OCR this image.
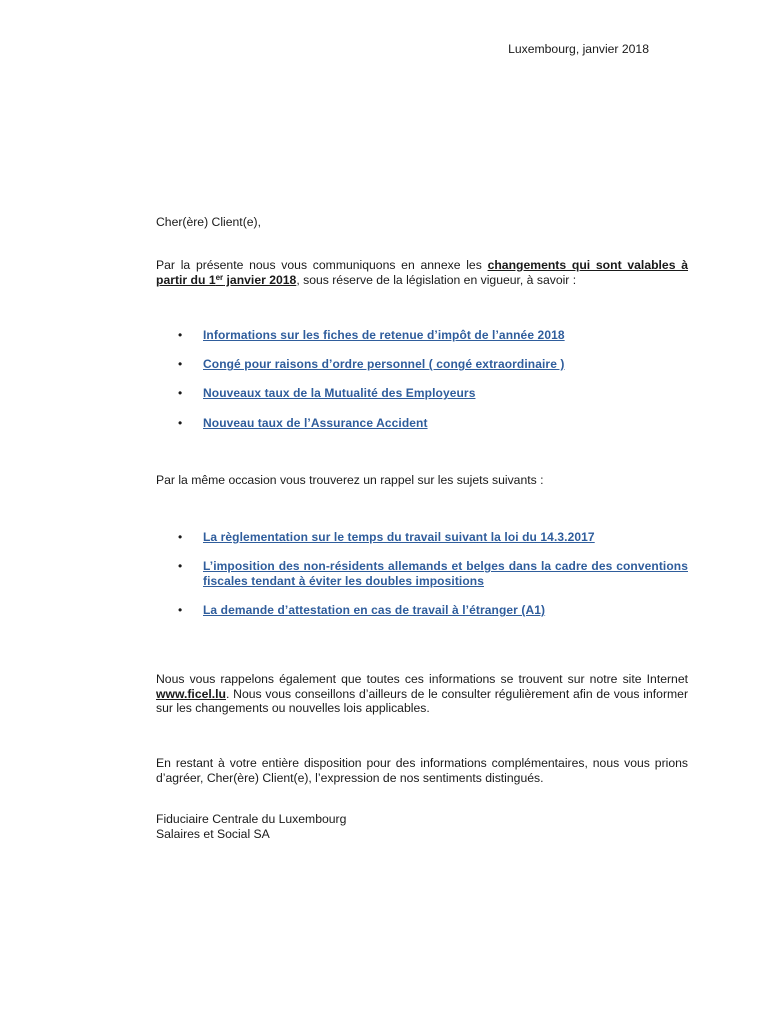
Luxembourg, janvier 2018
Cher(ère) Client(e),
Par la présente nous vous communiquons en annexe les changements qui sont valables à partir du 1er janvier 2018, sous réserve de la législation en vigueur, à savoir :
• Informations sur les fiches de retenue d’impôt de l’année 2018
• Congé pour raisons d’ordre personnel ( congé extraordinaire )
• Nouveaux taux de la Mutualité des Employeurs
• Nouveau taux de l’Assurance Accident
Par la même occasion vous trouverez un rappel sur les sujets suivants :
• La règlementation sur le temps du travail suivant la loi du 14.3.2017
• L’imposition des non-résidents allemands et belges dans la cadre des conventions fiscales tendant à éviter les doubles impositions
• La demande d’attestation en cas de travail à l’étranger (A1)
Nous vous rappelons également que toutes ces informations se trouvent sur notre site Internet www.ficel.lu. Nous vous conseillons d’ailleurs de le consulter régulièrement afin de vous informer sur les changements ou nouvelles lois applicables.
En restant à votre entière disposition pour des informations complémentaires, nous vous prions d’agréer, Cher(ère) Client(e), l’expression de nos sentiments distingués.
Fiduciaire Centrale du Luxembourg
Salaires et Social SA
